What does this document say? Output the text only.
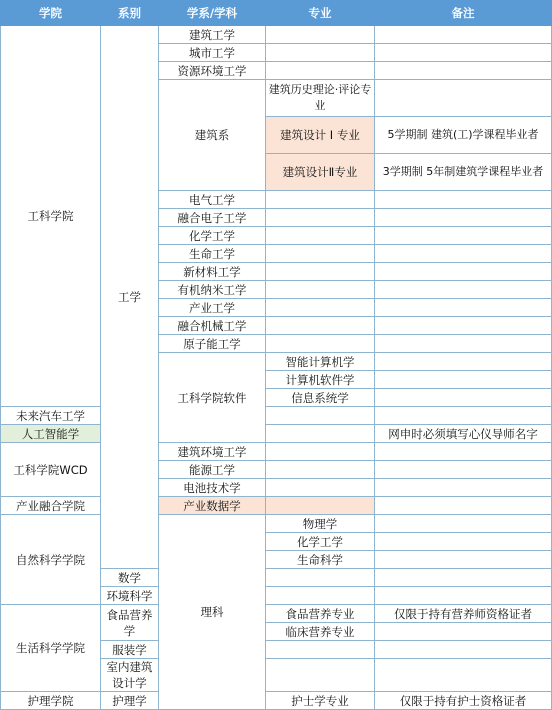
学院	系别	学系/学科	专业	备注	
工科学院	工学	建筑工学			
		城市工学			
		资源环境工学			
		建筑系	建筑历史理论·评论专业		
			建筑设计 I 专业	5学期制 建筑(工)学课程毕业者	
			建筑设计Ⅱ专业	3学期制 5年制建筑学课程毕业者	
		电气工学			
		融合电子工学			
		化学工学			
		生命工学			
		新材料工学			
		有机纳米工学			
		产业工学			
		融合机械工学			
		原子能工学			
		工科学院软件	智能计算机学		
			计算机软件学		
			信息系统学		
未来汽车工学					
人工智能学				网申时必须填写心仪导师名字	
工科学院WCD		建筑环境工学			
		能源工学			
		电池技术学			
产业融合学院		产业数据学			
自然科学学院		理科	物理学		
			化学工学		
			生命科学		
	数学				
	环境科学				
生活科学学院	食品营养学		食品营养专业	仅限于持有营养师资格证者	
			临床营养专业		
	服装学				
	室内建筑设计学				
护理学院	护理学		护士学专业	仅限于持有护士资格证者	
